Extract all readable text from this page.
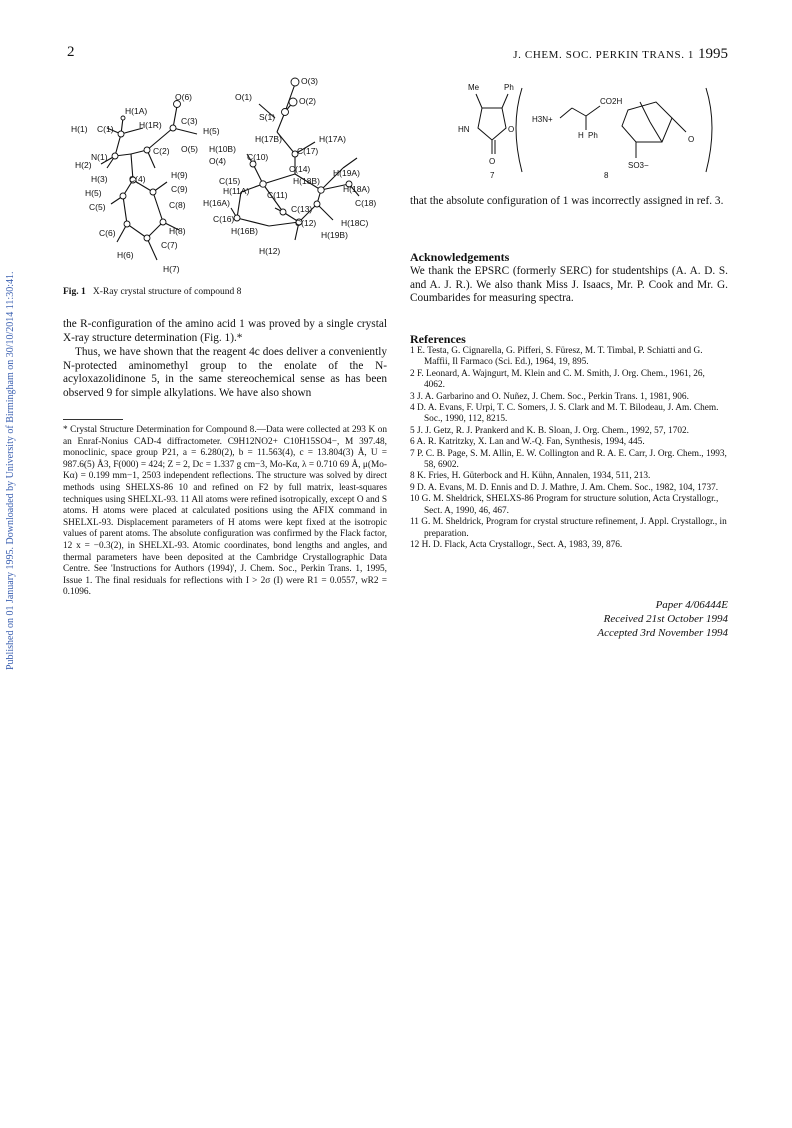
2	J. CHEM. SOC. PERKIN TRANS. 1 1995
Published on 01 January 1995. Downloaded by University of Birmingham on 30/10/2014 11:30:41.
O(3)
O(6)	O(1)	O(2)
H(1A)
S(1)
H(1) C(1)	H(1R) C(3)
H(5)
H(17B)	H(17A)
C(2) O(5) H(10B)	C(17)
N(1)
H(2)	O(4) C(10)
H(9)
C(14)	H(19A)
H(3)	C(4)	C(15)	H(18B)
C(9)	H(11A)	H(18A)
H(5)	C(11)
C(8) H(16A)	C(18)
C(5)	C(13)
C(16)
C(6)	H(8)
C(12)	H(18C)
H(16B)	H(19B)
C(7)
H(6)	H(12)
H(7)
Fig. 1 X-Ray crystal structure of compound 8

the R-configuration of the amino acid 1 was proved by a single crystal X-ray structure determination (Fig. 1).*

Thus, we have shown that the reagent 4c does deliver a conveniently N-protected aminomethyl group to the enolate of the N-acyloxazolidinone 5, in the same stereochemical sense as has been observed 9 for simple alkylations. We have also shown

* Crystal Structure Determination for Compound 8.—Data were collected at 293 K on an Enraf-Nonius CAD-4 diffractometer. C9H12NO2+ C10H15SO4−, M 397.48, monoclinic, space group P21, a = 6.280(2), b = 11.563(4), c = 13.804(3) Å, U = 987.6(5) Å3, F(000) = 424; Z = 2, Dc = 1.337 g cm−3, Mo-Kα, λ = 0.710 69 Å, μ(Mo-Kα) = 0.199 mm−1, 2503 independent reflections. The structure was solved by direct methods using SHELXS-86 10 and refined on F2 by full matrix, least-squares techniques using SHELXL-93. 11 All atoms were refined isotropically, except O and S atoms. H atoms were placed at calculated positions using the AFIX command in SHELXL-93. Displacement parameters of H atoms were kept fixed at the isotropic values of parent atoms. The absolute configuration was confirmed by the Flack factor, 12 x = −0.3(2), in SHELXL-93. Atomic coordinates, bond lengths and angles, and thermal parameters have been deposited at the Cambridge Crystallographic Data Centre. See 'Instructions for Authors (1994)', J. Chem. Soc., Perkin Trans. 1, 1995, Issue 1. The final residuals for reflections with I > 2σ (I) were R1 = 0.0557, wR2 = 0.1096.

Me	Ph
HN	O
O
7
H3N+
CO2H
H Ph
SO3−
O
8

that the absolute configuration of 1 was incorrectly assigned in ref. 3.

Acknowledgements

We thank the EPSRC (formerly SERC) for studentships (A. A. D. S. and A. J. R.). We also thank Miss J. Isaacs, Mr. P. Cook and Mr. G. Coumbarides for measuring spectra.

References
1 E. Testa, G. Cignarella, G. Pifferi, S. Füresz, M. T. Timbal, P. Schiatti and G. Maffii, Il Farmaco (Sci. Ed.), 1964, 19, 895.
2 F. Leonard, A. Wajngurt, M. Klein and C. M. Smith, J. Org. Chem., 1961, 26, 4062.
3 J. A. Garbarino and O. Nuñez, J. Chem. Soc., Perkin Trans. 1, 1981, 906.
4 D. A. Evans, F. Urpi, T. C. Somers, J. S. Clark and M. T. Bilodeau, J. Am. Chem. Soc., 1990, 112, 8215.
5 J. J. Getz, R. J. Prankerd and K. B. Sloan, J. Org. Chem., 1992, 57, 1702.
6 A. R. Katritzky, X. Lan and W.-Q. Fan, Synthesis, 1994, 445.
7 P. C. B. Page, S. M. Allin, E. W. Collington and R. A. E. Carr, J. Org. Chem., 1993, 58, 6902.
8 K. Fries, H. Güterbock and H. Kühn, Annalen, 1934, 511, 213.
9 D. A. Evans, M. D. Ennis and D. J. Mathre, J. Am. Chem. Soc., 1982, 104, 1737.
10 G. M. Sheldrick, SHELXS-86 Program for structure solution, Acta Crystallogr., Sect. A, 1990, 46, 467.
11 G. M. Sheldrick, Program for crystal structure refinement, J. Appl. Crystallogr., in preparation.
12 H. D. Flack, Acta Crystallogr., Sect. A, 1983, 39, 876.
Paper 4/06444E
Received 21st October 1994
Accepted 3rd November 1994
